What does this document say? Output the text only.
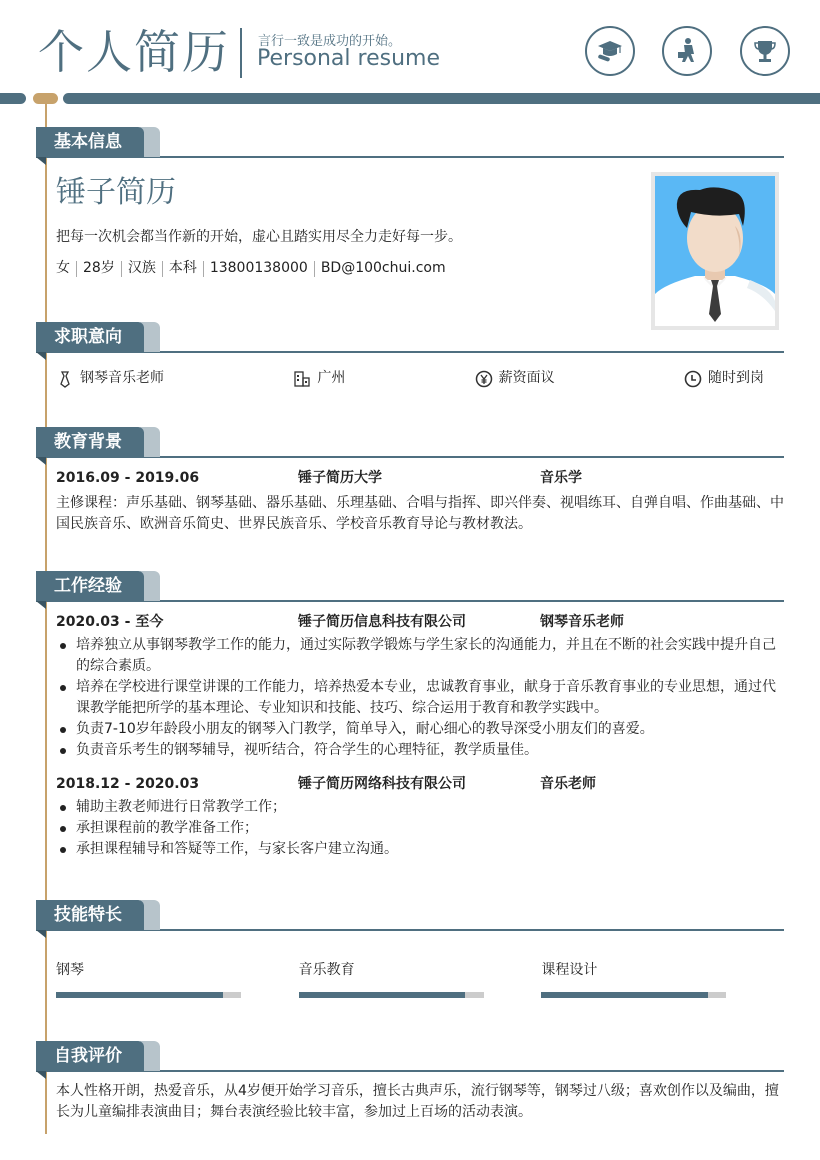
个人简历 言行一致是成功的开始。
Personal resume
基本信息
锤子简历
把每一次机会都当作新的开始，虚心且踏实用尽全力走好每一步。
女 28岁 汉族 本科 13800138000 BD@100chui.com
求职意向
钢琴音乐老师	广州	薪资面议	随时到岗
教育背景
2016.09 - 2019.06	锤子简历大学	音乐学
主修课程：声乐基础、钢琴基础、器乐基础、乐理基础、合唱与指挥、即兴伴奏、视唱练耳、自弹自唱、作曲基础、中国民族音乐、欧洲音乐简史、世界民族音乐、学校音乐教育导论与教材教法。
工作经验
2020.03 - 至今	锤子简历信息科技有限公司	钢琴音乐老师
培养独立从事钢琴教学工作的能力，通过实际教学锻炼与学生家长的沟通能力，并且在不断的社会实践中提升自己的综合素质。
培养在学校进行课堂讲课的工作能力，培养热爱本专业，忠诚教育事业，献身于音乐教育事业的专业思想，通过代课教学能把所学的基本理论、专业知识和技能、技巧、综合运用于教育和教学实践中。
负责7-10岁年龄段小朋友的钢琴入门教学，简单导入，耐心细心的教导深受小朋友们的喜爱。
负责音乐考生的钢琴辅导，视听结合，符合学生的心理特征，教学质量佳。
2018.12 - 2020.03	锤子简历网络科技有限公司	音乐老师
辅助主教老师进行日常教学工作；
承担课程前的教学准备工作；
承担课程辅导和答疑等工作，与家长客户建立沟通。
技能特长
钢琴	音乐教育	课程设计
自我评价
本人性格开朗，热爱音乐，从4岁便开始学习音乐，擅长古典声乐，流行钢琴等，钢琴过八级；喜欢创作以及编曲，擅长为儿童编排表演曲目；舞台表演经验比较丰富，参加过上百场的活动表演。
